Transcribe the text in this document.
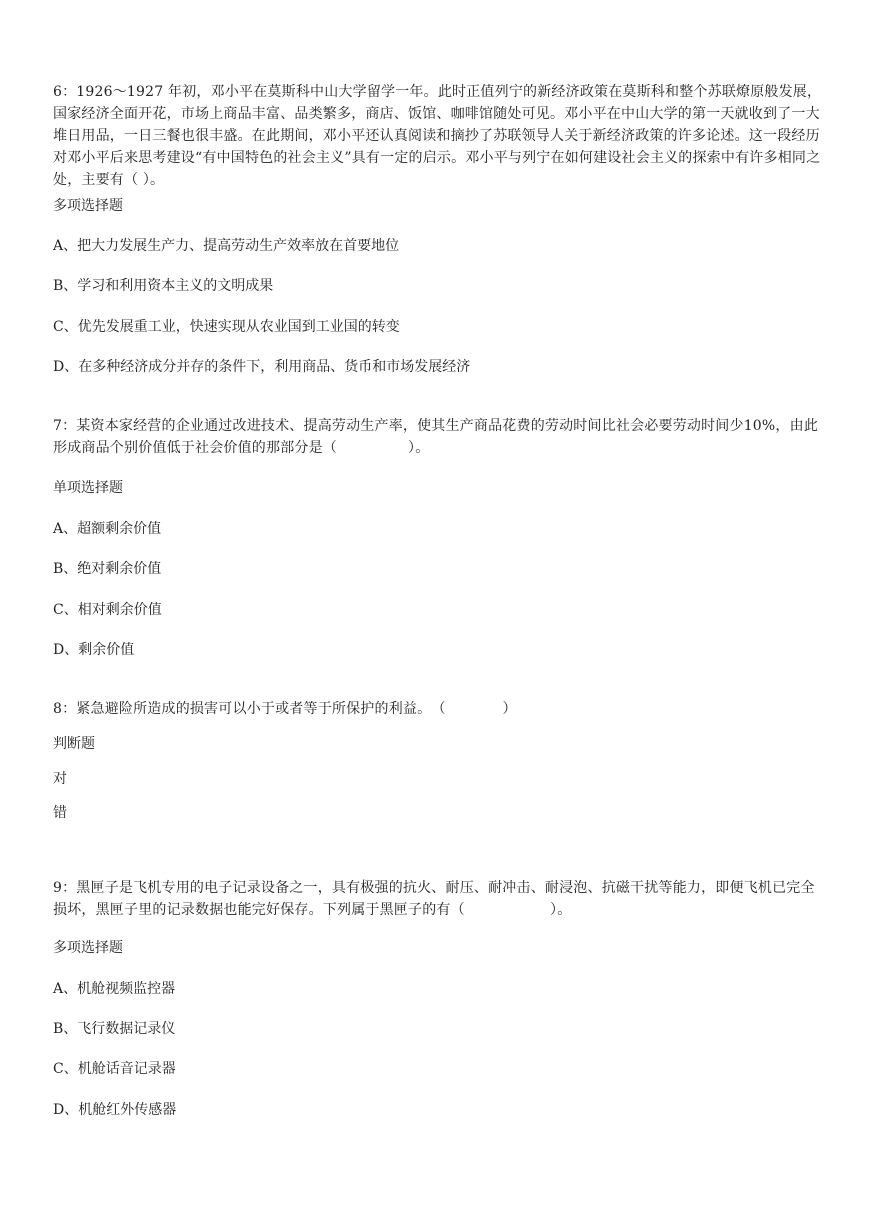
6：1926～1927 年初，邓小平在莫斯科中山大学留学一年。此时正值列宁的新经济政策在莫斯科和整个苏联燎原般发展，国家经济全面开花，市场上商品丰富、品类繁多，商店、饭馆、咖啡馆随处可见。邓小平在中山大学的第一天就收到了一大堆日用品，一日三餐也很丰盛。在此期间，邓小平还认真阅读和摘抄了苏联领导人关于新经济政策的许多论述。这一段经历对邓小平后来思考建设“有中国特色的社会主义”具有一定的启示。邓小平与列宁在如何建设社会主义的探索中有许多相同之处，主要有（ ）。

多项选择题

A、把大力发展生产力、提高劳动生产效率放在首要地位

B、学习和利用资本主义的文明成果

C、优先发展重工业，快速实现从农业国到工业国的转变

D、在多种经济成分并存的条件下，利用商品、货币和市场发展经济

7：某资本家经营的企业通过改进技术、提高劳动生产率，使其生产商品花费的劳动时间比社会必要劳动时间少10%，由此形成商品个别价值低于社会价值的那部分是（　　　　　）。

单项选择题

A、超额剩余价值

B、绝对剩余价值

C、相对剩余价值

D、剩余价值

8：紧急避险所造成的损害可以小于或者等于所保护的利益。　（　　　　）

判断题

对

错

9：黑匣子是飞机专用的电子记录设备之一，具有极强的抗火、耐压、耐冲击、耐浸泡、抗磁干扰等能力，即便飞机已完全损坏，黑匣子里的记录数据也能完好保存。下列属于黑匣子的有（　　　　　　）。

多项选择题

A、机舱视频监控器

B、飞行数据记录仪

C、机舱话音记录器

D、机舱红外传感器
